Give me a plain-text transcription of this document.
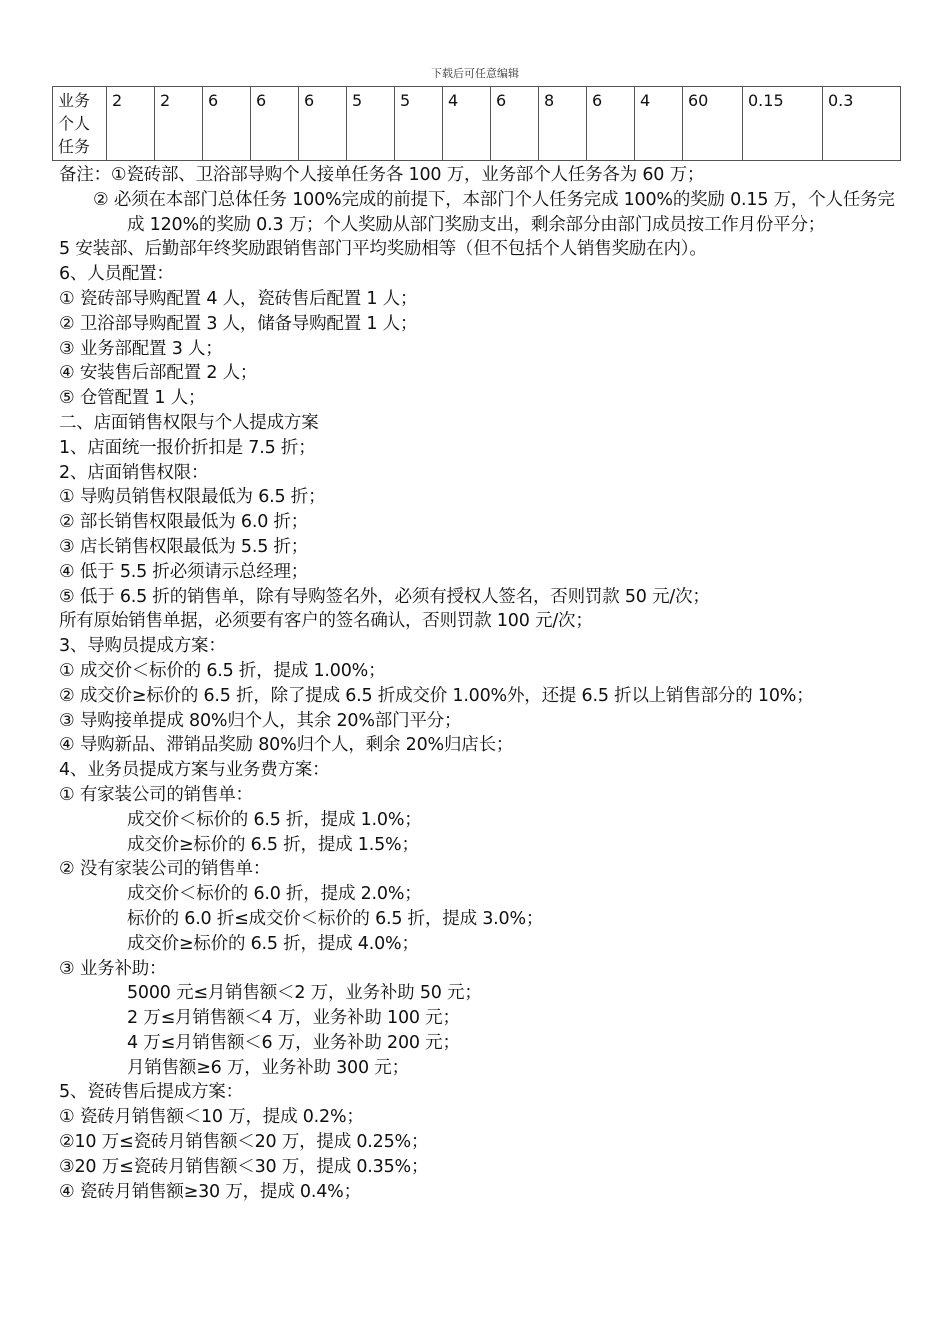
下载后可任意编辑
业务个人任务	2	2	6	6	6	5	5	4	6	8	6	4	60	0.15	0.3
备注：①瓷砖部、卫浴部导购个人接单任务各 100 万，业务部个人任务各为 60 万；
② 必须在本部门总体任务 100%完成的前提下，本部门个人任务完成 100%的奖励 0.15 万，个人任务完成 120%的奖励 0.3 万；个人奖励从部门奖励支出，剩余部分由部门成员按工作月份平分；
5 安装部、后勤部年终奖励跟销售部门平均奖励相等（但不包括个人销售奖励在内）。
6、人员配置：
① 瓷砖部导购配置 4 人，瓷砖售后配置 1 人；
② 卫浴部导购配置 3 人，储备导购配置 1 人；
③ 业务部配置 3 人；
④ 安装售后部配置 2 人；
⑤ 仓管配置 1 人；
二、店面销售权限与个人提成方案
1、店面统一报价折扣是 7.5 折；
2、店面销售权限：
① 导购员销售权限最低为 6.5 折；
② 部长销售权限最低为 6.0 折；
③ 店长销售权限最低为 5.5 折；
④ 低于 5.5 折必须请示总经理；
⑤ 低于 6.5 折的销售单，除有导购签名外，必须有授权人签名，否则罚款 50 元/次；
所有原始销售单据，必须要有客户的签名确认，否则罚款 100 元/次；
3、导购员提成方案：
① 成交价＜标价的 6.5 折，提成 1.00%；
② 成交价≥标价的 6.5 折，除了提成 6.5 折成交价 1.00%外，还提 6.5 折以上销售部分的 10%；
③ 导购接单提成 80%归个人，其余 20%部门平分；
④ 导购新品、滞销品奖励 80%归个人，剩余 20%归店长；
4、业务员提成方案与业务费方案：
① 有家装公司的销售单：
成交价＜标价的 6.5 折，提成 1.0%；
成交价≥标价的 6.5 折，提成 1.5%；
② 没有家装公司的销售单：
成交价＜标价的 6.0 折，提成 2.0%；
标价的 6.0 折≤成交价＜标价的 6.5 折，提成 3.0%；
成交价≥标价的 6.5 折，提成 4.0%；
③ 业务补助：
5000 元≤月销售额＜2 万，业务补助 50 元；
2 万≤月销售额＜4 万，业务补助 100 元；
4 万≤月销售额＜6 万，业务补助 200 元；
月销售额≥6 万，业务补助 300 元；
5、瓷砖售后提成方案：
① 瓷砖月销售额＜10 万，提成 0.2%；
②10 万≤瓷砖月销售额＜20 万，提成 0.25%；
③20 万≤瓷砖月销售额＜30 万，提成 0.35%；
④ 瓷砖月销售额≥30 万，提成 0.4%；
